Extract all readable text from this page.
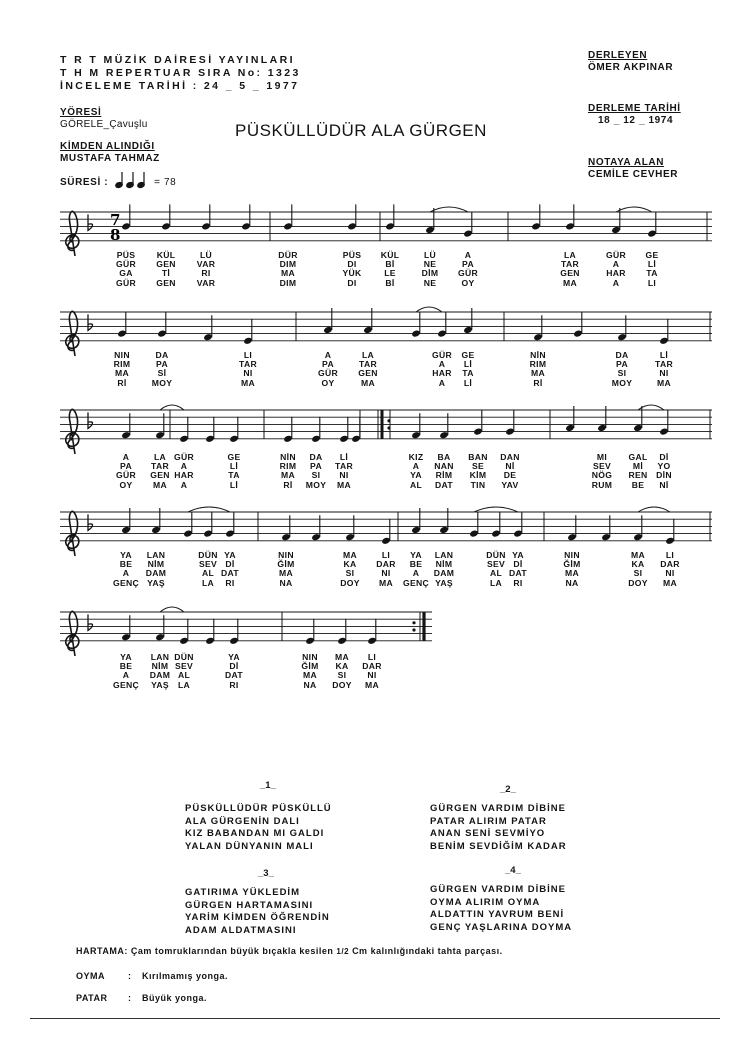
T R T MÜZİK DAİRESİ YAYINLARI
T H M REPERTUAR SIRA No: 1323
İNCELEME TARİHİ : 24 _ 5 _ 1977
YÖRESİ
GÖRELE_Çavuşlu
KİMDEN ALINDIĞI
MUSTAFA TAHMAZ
SÜRESİ :	= 78
PÜSKÜLLÜDÜR ALA GÜRGEN
DERLEYEN
ÖMER AKPINAR
DERLEME TARİHİ
18 _ 12 _ 1974
NOTAYA ALAN
CEMİLE CEVHER
7
8
PÜS KÜL	LÜ	DÜR	PÜS KÜL	LÜ	A	LA	GÜR GE
GÜR GEN VAR	DIM	DI	Bİ	NE	PA	TAR	A	Lİ
GA	Tİ	RI	MA	YÜK	LE	DİM GÜR	GEN	HAR TA
GÜR GEN VAR	DIM	DI	Bİ	NE	OY	MA	A	LI
NIN	DA	LI	A	LA	GÜR GE	NİN	DA	Lİ
RIM	PA	TAR	PA	TAR	A Lİ	RIM	PA	TAR
MA	Sİ	NI	GÜR GEN	HAR TA	MA	SI	NI
Rİ	MOY	MA	OY	MA	A Lİ	Rİ	MOY	MA
A	LA GÜR	GE	NİN DA Lİ	KIZ BA BAN DAN	MI GAL Dİ
PA TAR A	Lİ	RIM PA TAR	A NAN SE Nİ	SEV	Mİ YO
GÜR GEN HAR	TA	MA SI NI	YA RİM KİM DE	NÖG REN DİN
OY MA A	Lİ	Rİ MOY MA	AL DAT TIN YAV	RUM BE Nİ
YA LAN	DÜN YA	NIN	MA	LI YA LAN	DÜN YA	NIN	MA LI
BE NİM	SEV Dİ	ĞİM	KA DAR BE NİM	SEV Dİ	ĞİM	KA DAR
A DAM	AL DAT	MA	SI	NI	A DAM	AL DAT	MA	SI	NI
GENÇ YAŞ	LA RI	NA	DOY MA GENÇ YAŞ	LA RI	NA	DOY MA
YA LAN DÜN	YA	NIN MA LI
BE NİM SEV	Dİ	ĞİM KA DAR
A DAM AL	DAT	MA SI NI
GENÇ YAŞ LA	RI	NA DOY MA
_1_
PÜSKÜLLÜDÜR PÜSKÜLLÜ
ALA GÜRGENİN DALI
KIZ BABANDAN MI GALDI
YALAN DÜNYANIN MALI
_2_
GÜRGEN VARDIM DİBİNE
PATAR ALIRIM PATAR
ANAN SENİ SEVMİYO
BENİM SEVDİĞİM KADAR
_3_
GATIRIMA YÜKLEDİM
GÜRGEN HARTAMASINI
YARİM KİMDEN ÖĞRENDİN
ADAM ALDATMASINI
_4_
GÜRGEN VARDIM DİBİNE
OYMA ALIRIM OYMA
ALDATTIN YAVRUM BENİ
GENÇ YAŞLARINA DOYMA
HARTAMA: Çam tomruklarından büyük bıçakla kesilen 1/2 Cm kalınlığındaki tahta parçası.
OYMA	: Kırılmamış yonga.
PATAR : Büyük yonga.
